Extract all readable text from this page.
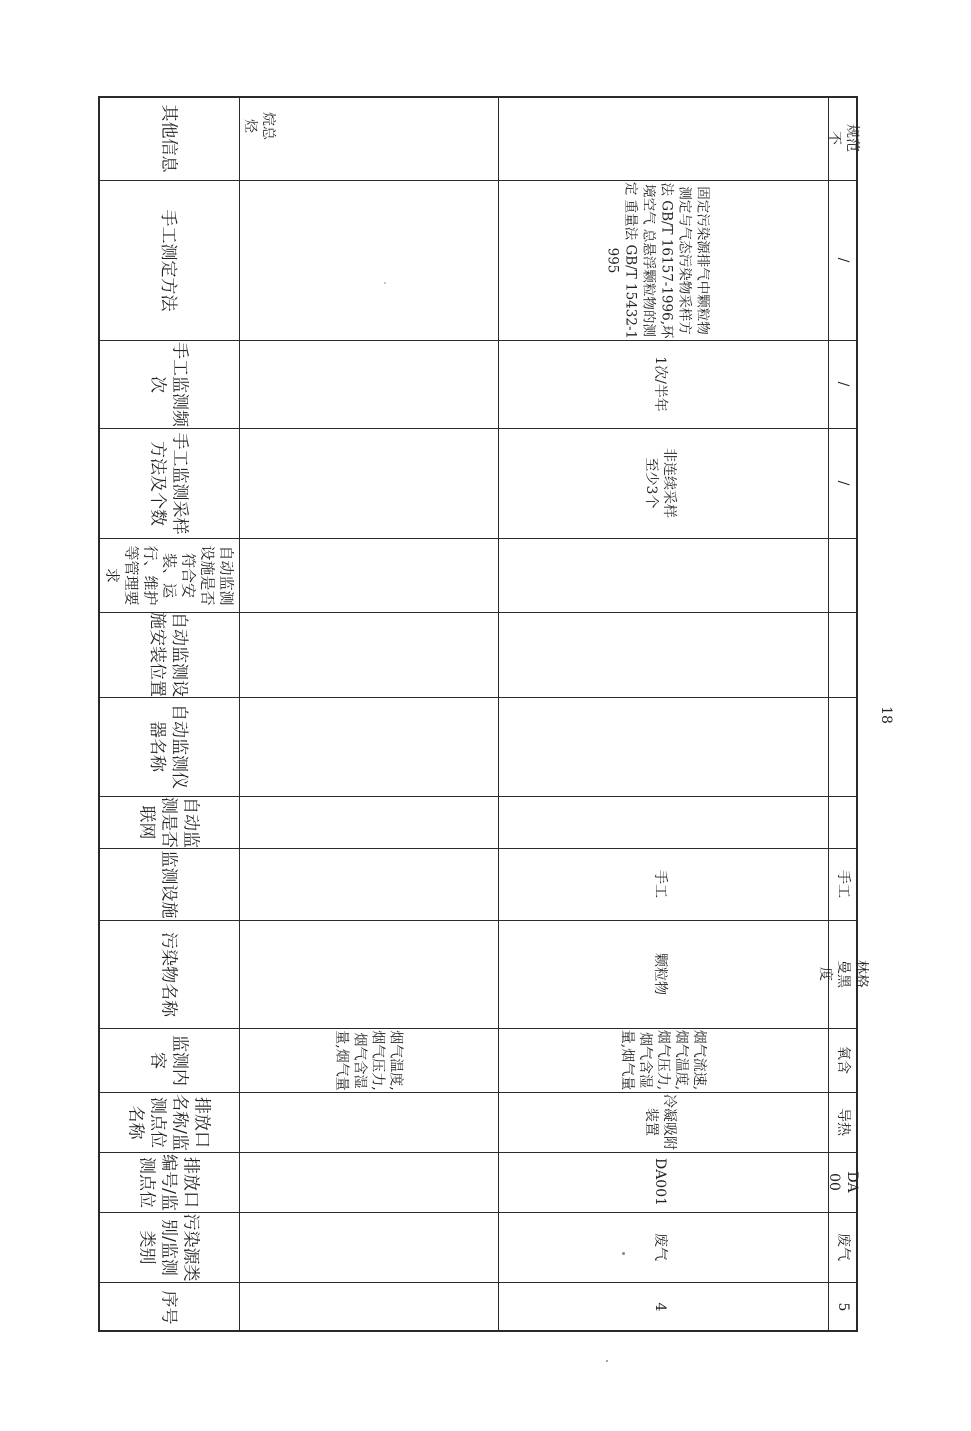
其他信息
手工测定方法
手工监测频次
手工监测采样方法及个数
自动监测设施是否符合安装、运行、维护等管理要求
自动监测设施安装位置
自动监测仪器名称
自动监测是否联网
监测设施
污染物名称
监测内容
排放口名称/监测点位名称
排放口编号/监测点位
污染源类别/监测类别
序号
烷总烃
固定污染源排气中颗粒物测定与气态污染物采样方法 GB/T 16157-1996,环境空气 总悬浮颗粒物的测定 重量法 GB/T 15432-1995
1次/半年
非连续采样 至少3个
手工
颗粒物
烟气温度,烟气压力,烟气含湿量,烟气量	烟气流速,烟气温度,烟气压力,烟气含湿量,烟气量
冷凝吸附装置
DA001
废气
4
规范不
/
/
/
手工
林格曼黑度
氧含
导热
DA00
废气
5
18
